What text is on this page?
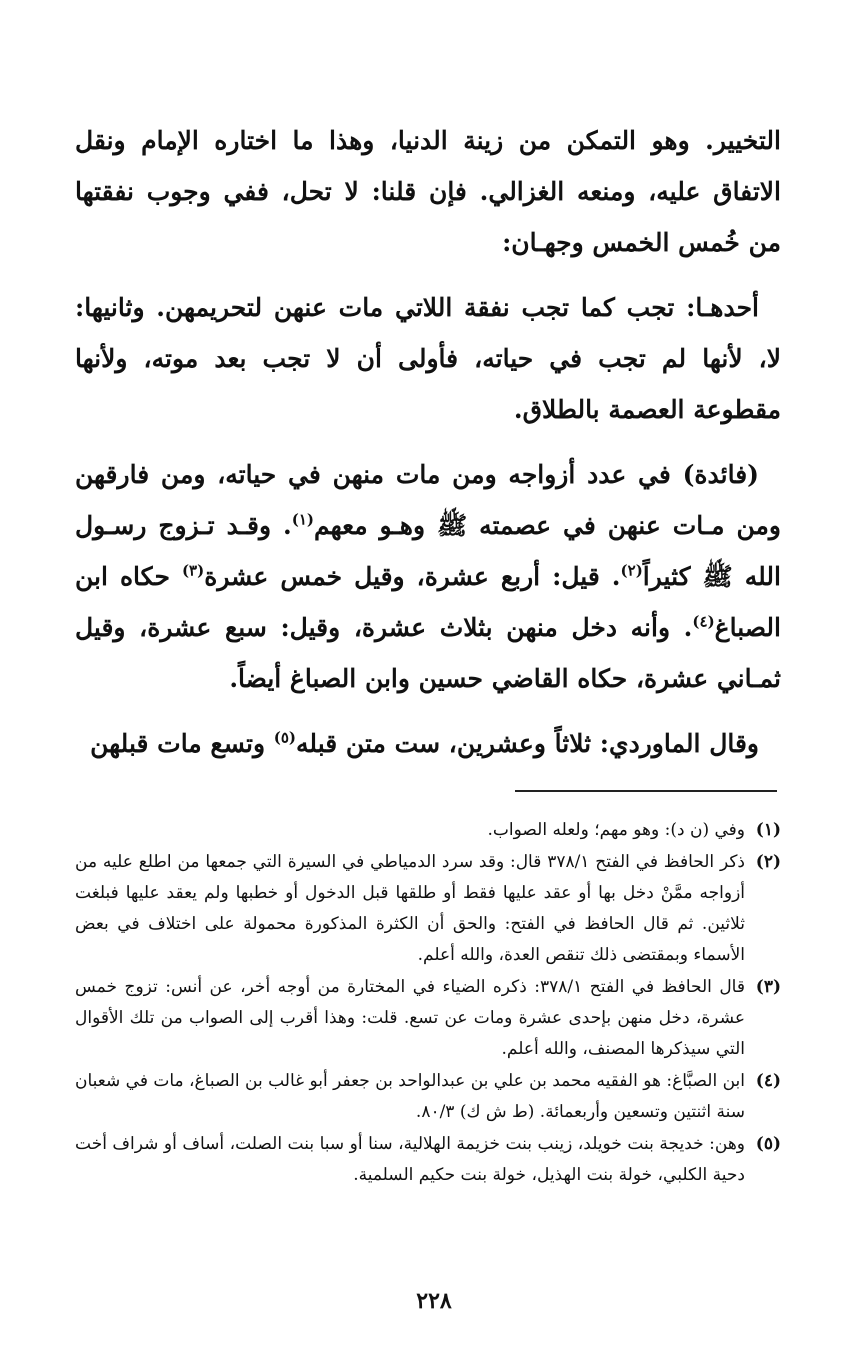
التخيير. وهو التمكن من زينة الدنيا، وهذا ما اختاره الإمام ونقل الاتفاق عليه، ومنعه الغزالي. فإن قلنا: لا تحل، ففي وجوب نفقتها من خُمس الخمس وجهـان:

أحدهـا: تجب كما تجب نفقة اللاتي مات عنهن لتحريمهن. وثانيها: لا، لأنها لم تجب في حياته، فأولى أن لا تجب بعد موته، ولأنها مقطوعة العصمة بالطلاق.

(فائدة) في عدد أزواجه ومن مات منهن في حياته، ومن فارقهن ومن مـات عنهن في عصمته ﷺ وهـو معهم$^{(١)}$. وقـد تـزوج رسـول الله ﷺ كثيراً$^{(٢)}$. قيل: أربع عشرة، وقيل خمس عشرة$^{(٣)}$ حكاه ابن الصباغ$^{(٤)}$. وأنه دخل منهن بثلاث عشرة، وقيل: سبع عشرة، وقيل ثمـاني عشرة، حكاه القاضي حسين وابن الصباغ أيضاً.

وقال الماوردي: ثلاثاً وعشرين، ست متن قبله$^{(٥)}$ وتسع مات قبلهن

(١)
وفي (ن د): وهو مهم؛ ولعله الصواب.
(٢)
ذكر الحافظ في الفتح ٣٧٨/١ قال: وقد سرد الدمياطي في السيرة التي جمعها من اطلع عليه من أزواجه ممَّنْ دخل بها أو عقد عليها فقط أو طلقها قبل الدخول أو خطبها ولم يعقد عليها فبلغت ثلاثين. ثم قال الحافظ في الفتح: والحق أن الكثرة المذكورة محمولة على اختلاف في بعض الأسماء وبمقتضى ذلك تنقص العدة، والله أعلم.
(٣)
قال الحافظ في الفتح ٣٧٨/١: ذكره الضياء في المختارة من أوجه أخر، عن أنس: تزوج خمس عشرة، دخل منهن بإحدى عشرة ومات عن تسع. قلت: وهذا أقرب إلى الصواب من تلك الأقوال التي سيذكرها المصنف، والله أعلم.
(٤)
ابن الصبَّاغ: هو الفقيه محمد بن علي بن عبدالواحد بن جعفر أبو غالب بن الصباغ، مات في شعبان سنة اثنتين وتسعين وأربعمائة. (ط ش ك) ٨٠/٣.
(٥)
وهن: خديجة بنت خويلد، زينب بنت خزيمة الهلالية، سنا أو سبا بنت الصلت، أساف أو شراف أخت دحية الكلبي، خولة بنت الهذيل، خولة بنت حكيم السلمية.
٢٢٨
